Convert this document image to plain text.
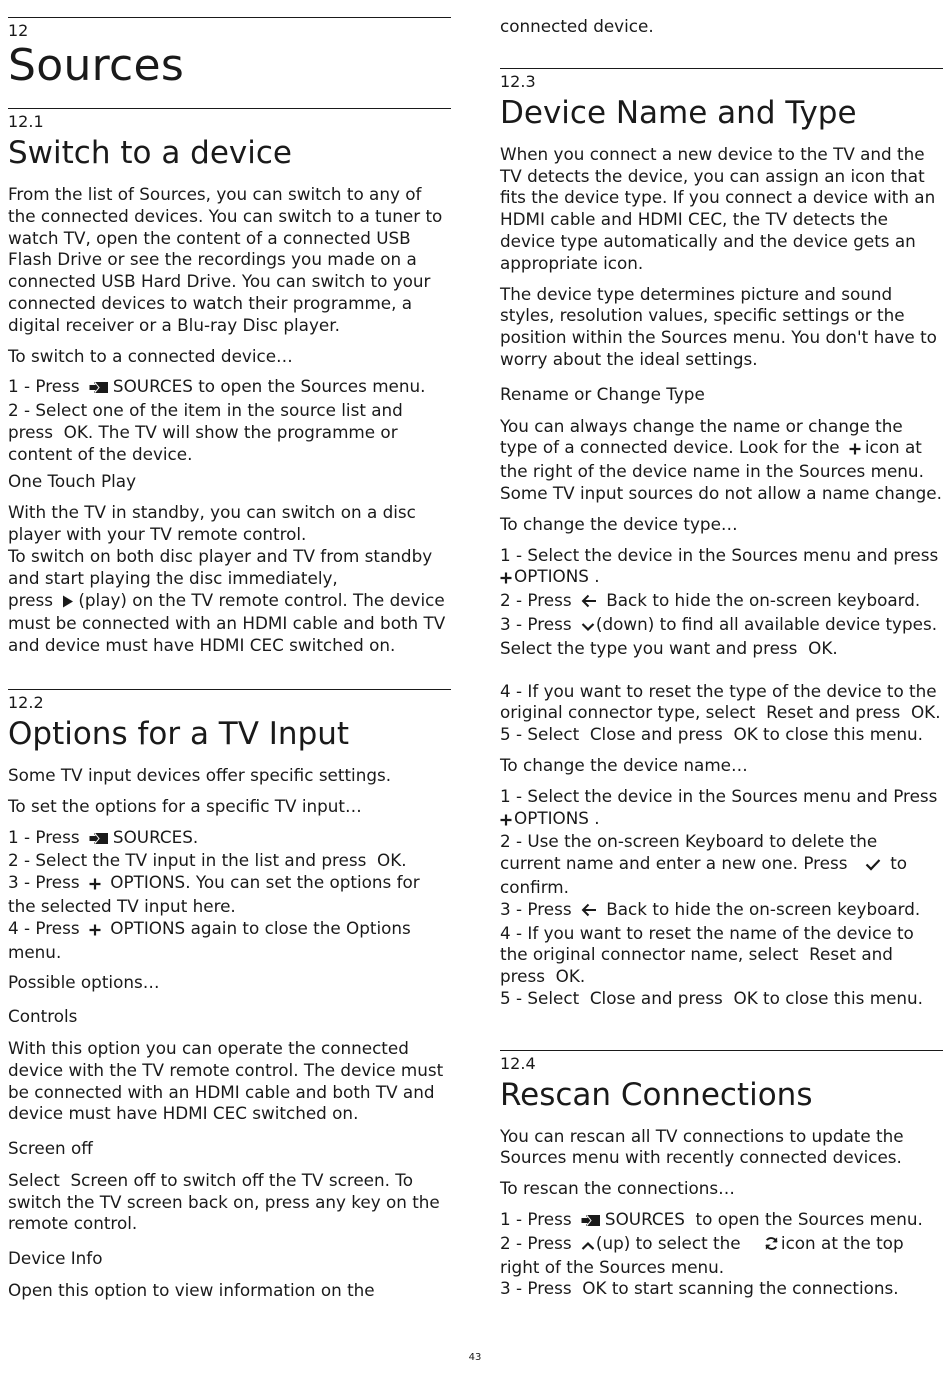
12

Sources

12.1

Switch to a device

From the list of Sources, you can switch to any of the connected devices. You can switch to a tuner to watch TV, open the content of a connected USB Flash Drive or see the recordings you made on a connected USB Hard Drive. You can switch to your connected devices to watch their programme, a digital receiver or a Blu-ray Disc player.

To switch to a connected device…

1 - Press SOURCES to open the Sources menu.

2 - Select one of the item in the source list and press OK. The TV will show the programme or content of the device.

One Touch Play

With the TV in standby, you can switch on a disc player with your TV remote control.

To switch on both disc player and TV from standby and start playing the disc immediately,

press (play) on the TV remote control. The device must be connected with an HDMI cable and both TV and device must have HDMI CEC switched on.

12.2

Options for a TV Input

Some TV input devices offer specific settings.

To set the options for a specific TV input…

1 - Press SOURCES.

2 - Select the TV input in the list and press OK.

3 - Press OPTIONS. You can set the options for the selected TV input here.

4 - Press OPTIONS again to close the Options menu.

Possible options…

Controls

With this option you can operate the connected device with the TV remote control. The device must be connected with an HDMI cable and both TV and device must have HDMI CEC switched on.

Screen off

Select Screen off to switch off the TV screen. To switch the TV screen back on, press any key on the remote control.

Device Info

Open this option to view information on the

connected device.

12.3

Device Name and Type

When you connect a new device to the TV and the TV detects the device, you can assign an icon that fits the device type. If you connect a device with an HDMI cable and HDMI CEC, the TV detects the device type automatically and the device gets an appropriate icon.

The device type determines picture and sound styles, resolution values, specific settings or the position within the Sources menu. You don't have to worry about the ideal settings.

Rename or Change Type

You can always change the name or change the type of a connected device. Look for the icon at the right of the device name in the Sources menu. Some TV input sources do not allow a name change.

To change the device type…

1 - Select the device in the Sources menu and press
OPTIONS .

2 - Press Back to hide the on-screen keyboard.

3 - Press (down) to find all available device types. Select the type you want and press OK.

4 - If you want to reset the type of the device to the original connector type, select Reset and press OK.

5 - Select Close and press OK to close this menu.

To change the device name…

1 - Select the device in the Sources menu and Press
OPTIONS .

2 - Use the on-screen Keyboard to delete the current name and enter a new one. Press	to confirm.

3 - Press Back to hide the on-screen keyboard.

4 - If you want to reset the name of the device to the original connector name, select Reset and press OK.

5 - Select Close and press OK to close this menu.

12.4

Rescan Connections

You can rescan all TV connections to update the Sources menu with recently connected devices.

To rescan the connections…

1 - Press SOURCES to open the Sources menu.

2 - Press (up) to select the icon at the top right of the Sources menu.

3 - Press OK to start scanning the connections.

43
